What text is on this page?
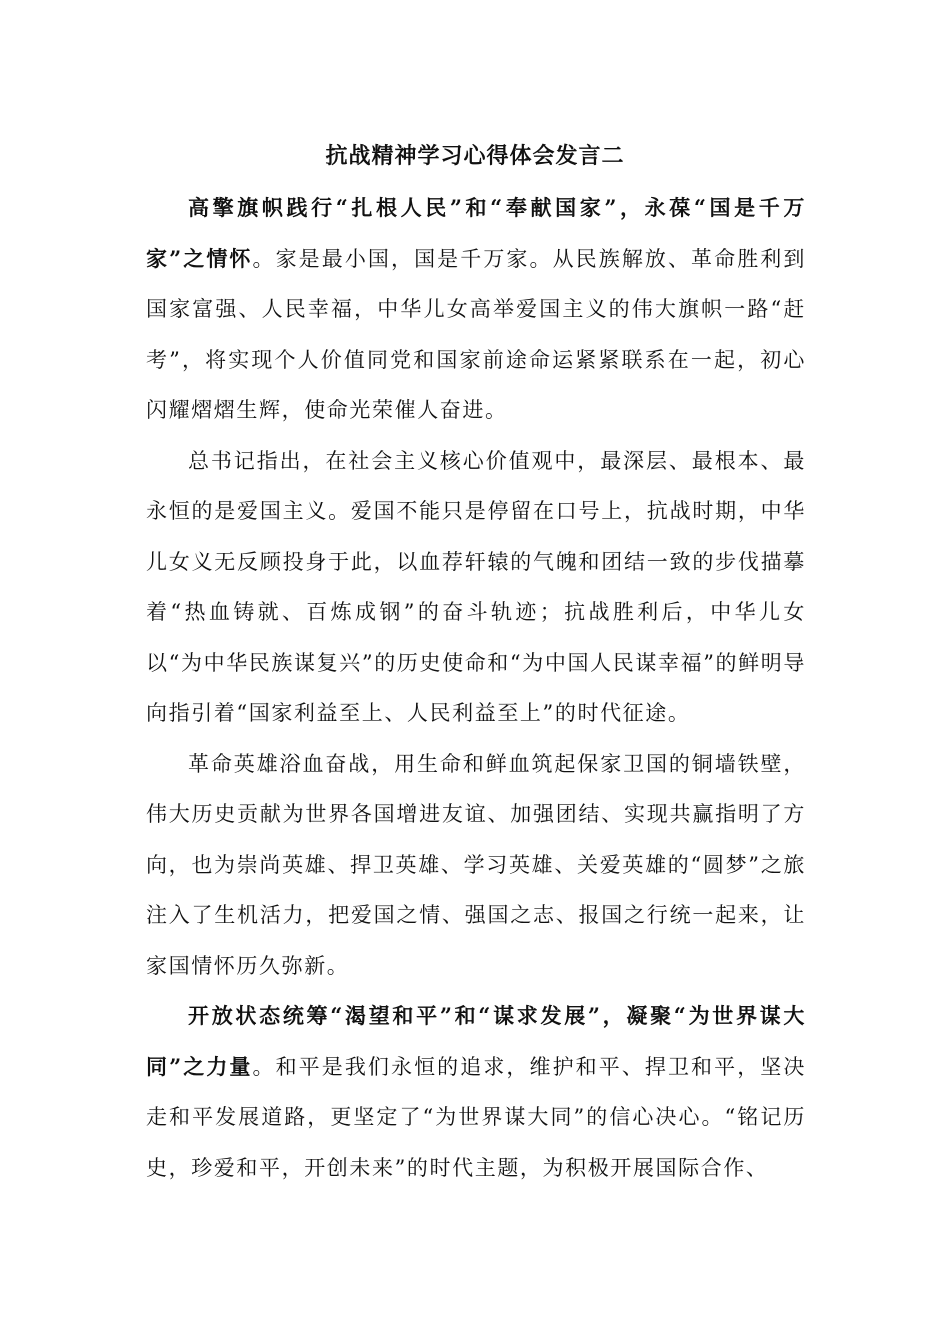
抗战精神学习心得体会发言二

高擎旗帜践行“扎根人民”和“奉献国家”，永葆“国是千万家”之情怀。家是最小国，国是千万家。从民族解放、革命胜利到国家富强、人民幸福，中华儿女高举爱国主义的伟大旗帜一路“赶考”，将实现个人价值同党和国家前途命运紧紧联系在一起，初心闪耀熠熠生辉，使命光荣催人奋进。

总书记指出，在社会主义核心价值观中，最深层、最根本、最永恒的是爱国主义。爱国不能只是停留在口号上，抗战时期，中华儿女义无反顾投身于此，以血荐轩辕的气魄和团结一致的步伐描摹着“热血铸就、百炼成钢”的奋斗轨迹；抗战胜利后，中华儿女以“为中华民族谋复兴”的历史使命和“为中国人民谋幸福”的鲜明导向指引着“国家利益至上、人民利益至上”的时代征途。

革命英雄浴血奋战，用生命和鲜血筑起保家卫国的铜墙铁壁，伟大历史贡献为世界各国增进友谊、加强团结、实现共赢指明了方向，也为崇尚英雄、捍卫英雄、学习英雄、关爱英雄的“圆梦”之旅注入了生机活力，把爱国之情、强国之志、报国之行统一起来，让家国情怀历久弥新。

开放状态统筹“渴望和平”和“谋求发展”，凝聚“为世界谋大同”之力量。和平是我们永恒的追求，维护和平、捍卫和平，坚决走和平发展道路，更坚定了“为世界谋大同”的信心决心。“铭记历史，珍爱和平，开创未来”的时代主题，为积极开展国际合作、
